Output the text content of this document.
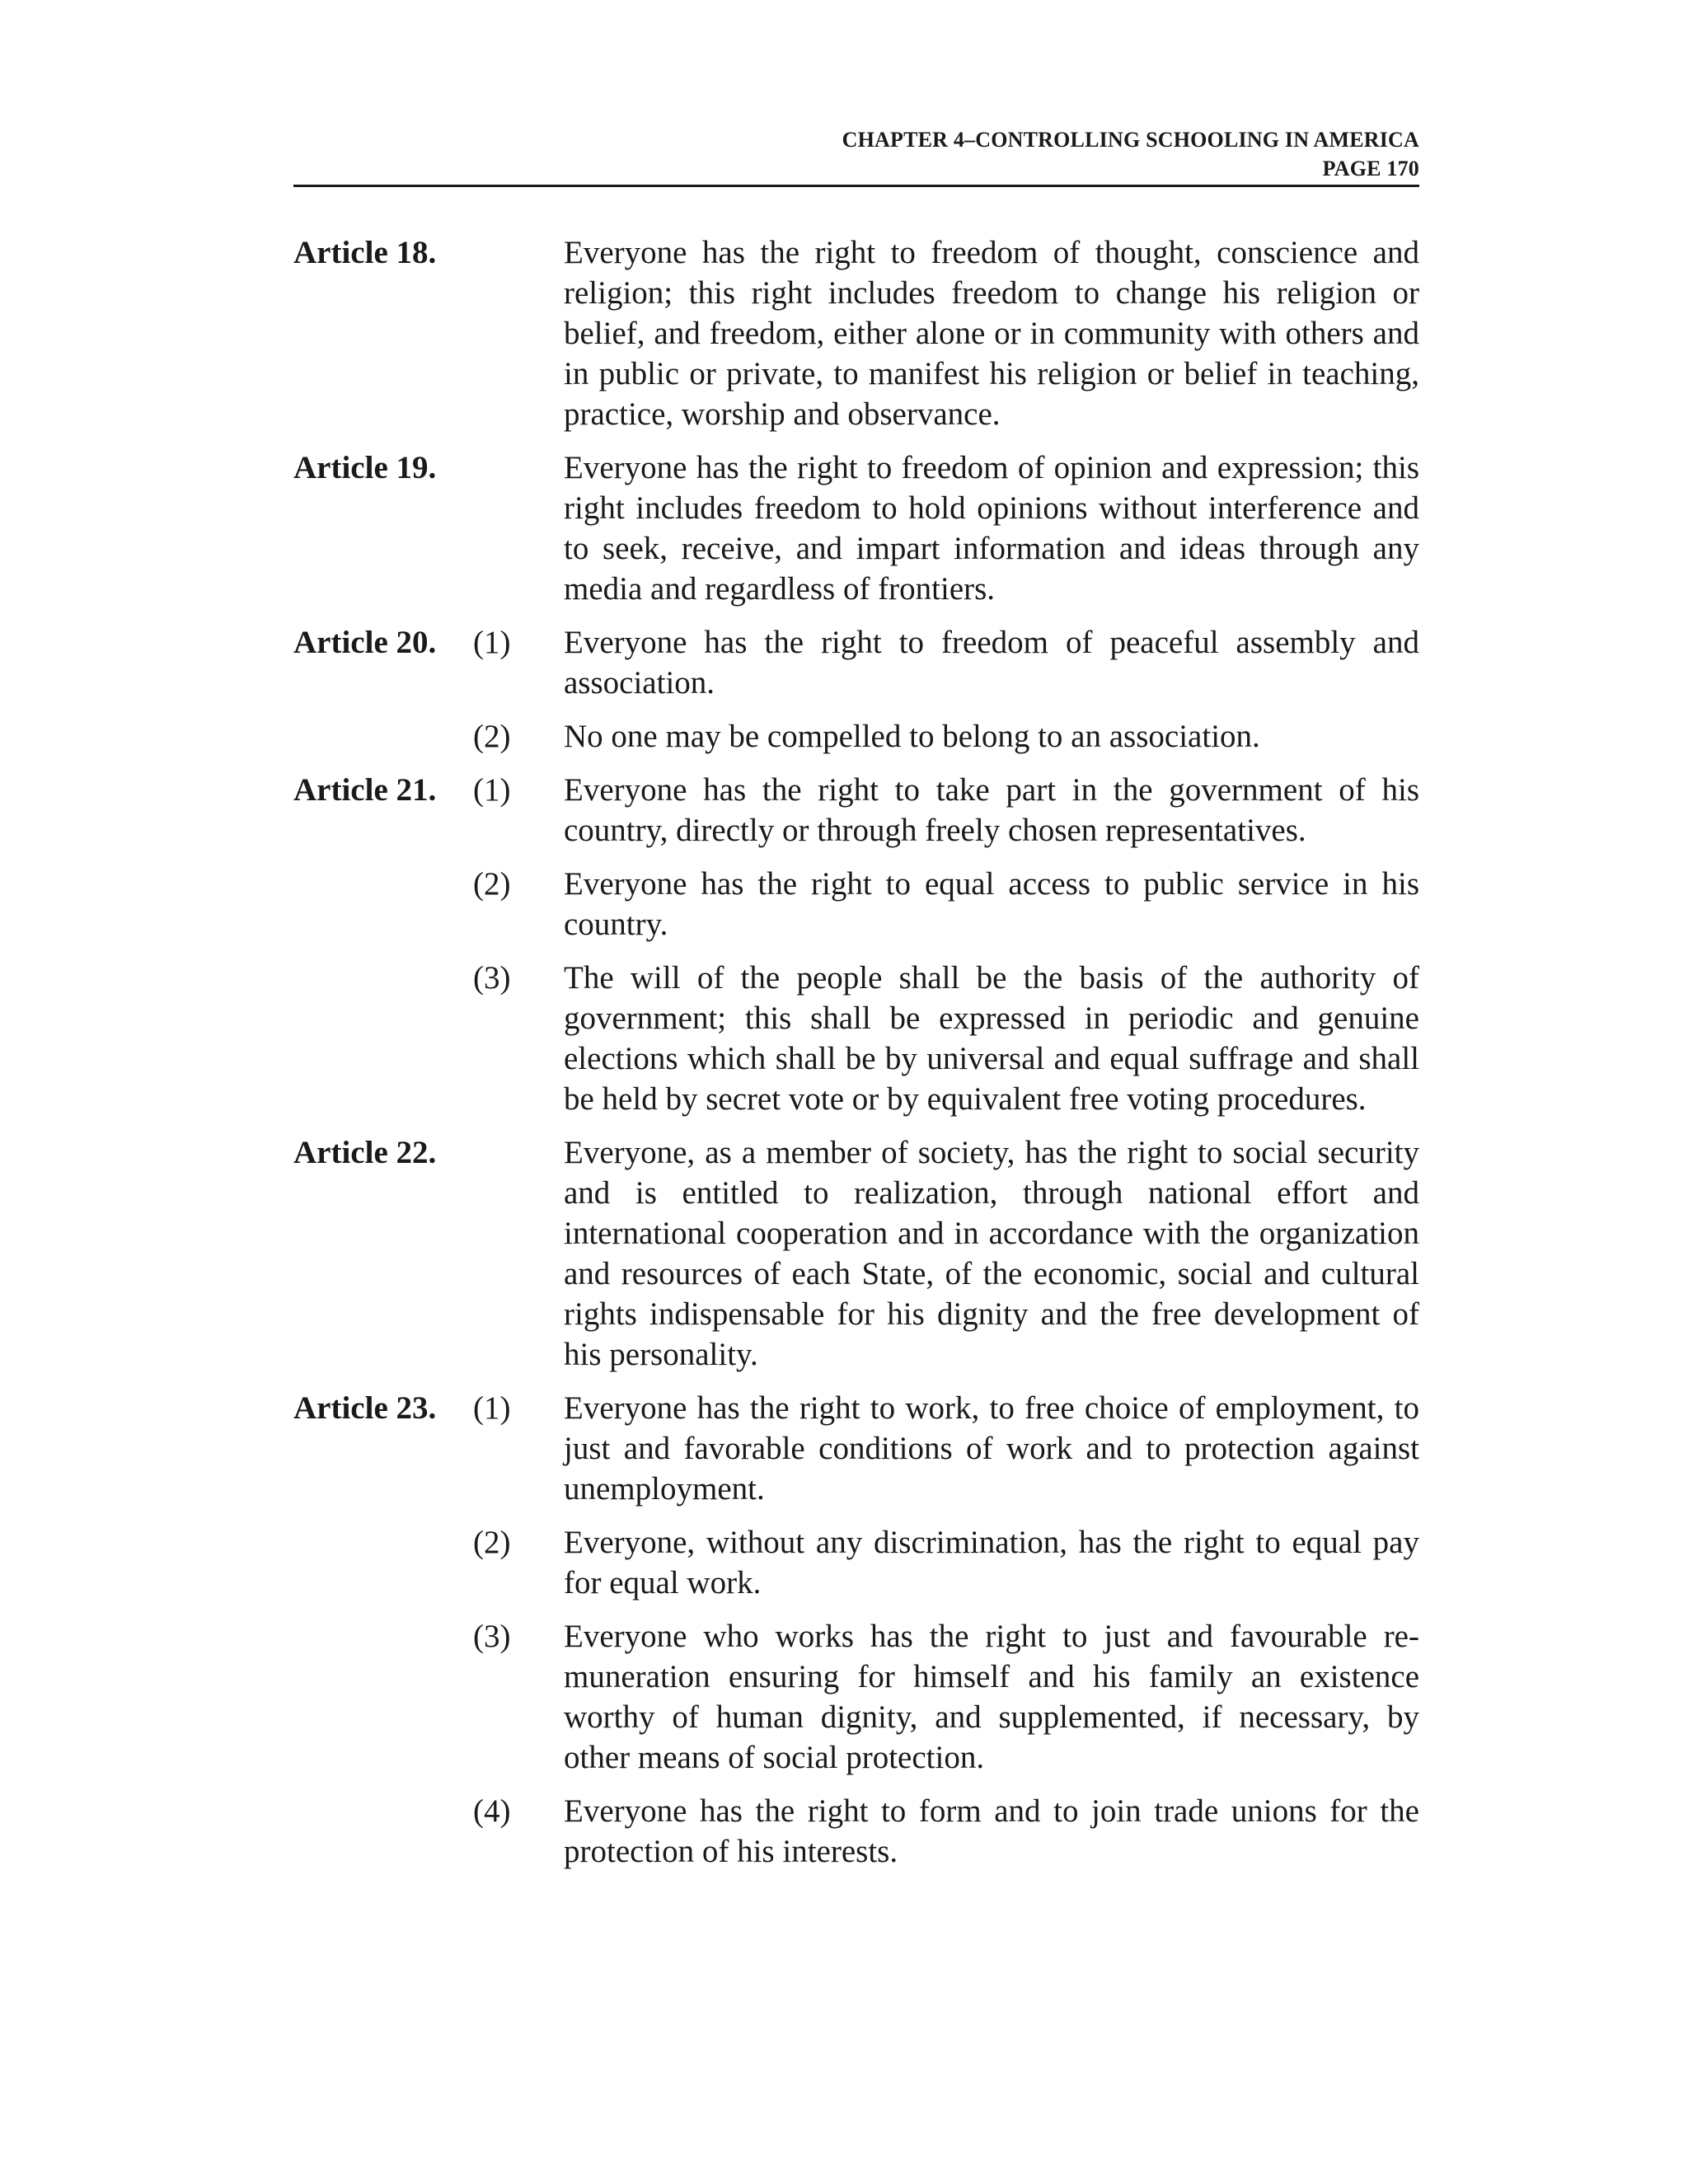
CHAPTER 4–CONTROLLING SCHOOLING IN AMERICA
PAGE 170
Article 18.	Everyone has the right to freedom of thought, conscience and religion; this right includes freedom to change his religion or belief, and freedom, either alone or in community with others and in public or private, to manifest his religion or belief in teaching, practice, worship and observance.
Article 19.	Everyone has the right to freedom of opinion and expression; this right includes freedom to hold opinions without interference and to seek, receive, and impart information and ideas through any media and regardless of frontiers.
Article 20.	(1)	Everyone has the right to freedom of peaceful assembly and association.
(2)	No one may be compelled to belong to an association.
Article 21.	(1)	Everyone has the right to take part in the government of his country, directly or through freely chosen representatives.
(2)	Everyone has the right to equal access to public service in his country.
(3)	The will of the people shall be the basis of the authority of government; this shall be expressed in periodic and genuine elections which shall be by universal and equal suffrage and shall be held by secret vote or by equivalent free voting procedures.
Article 22.	Everyone, as a member of society, has the right to social security and is entitled to realization, through national effort and international cooperation and in accordance with the organization and resources of each State, of the economic, social and cultural rights indispensable for his dignity and the free development of his personality.
Article 23.	(1)	Everyone has the right to work, to free choice of employment, to just and favorable conditions of work and to protection against unemployment.
(2)	Everyone, without any discrimination, has the right to equal pay for equal work.
(3)	Everyone who works has the right to just and favourable remuneration ensuring for himself and his family an existence worthy of human dignity, and supplemented, if necessary, by other means of social protection.
(4)	Everyone has the right to form and to join trade unions for the protection of his interests.
